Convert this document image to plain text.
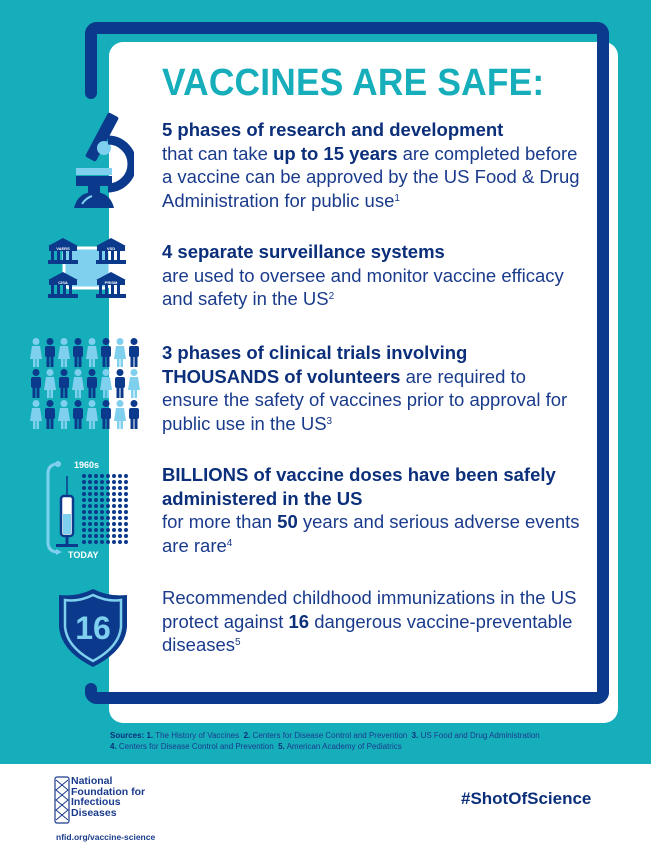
VACCINES ARE SAFE:
5 phases of research and development
that can take up to 15 years are completed before a vaccine can be approved by the US Food & Drug Administration for public use$^1$
VAERS	VSD
CISA	PRISM
4 separate surveillance systems
are used to oversee and monitor vaccine efficacy and safety in the $US^2$
3 phases of clinical trials involving THOUSANDS of volunteers are required to ensure the safety of vaccines prior to approval for public use in the $US^3$
1960s
TODAY
BILLIONS of vaccine doses have been safely administered in the US
for more than 50 years and serious adverse events are rare$^4$
16
Recommended childhood immunizations in the US protect against 16 dangerous vaccine-preventable diseases$^5$
Sources: 1. The History of Vaccines 2. Centers for Disease Control and Prevention 3. US Food and Drug Administration
4. Centers for Disease Control and Prevention 5. American Academy of Pediatrics
National
Foundation for
Infectious
Diseases
nfid.org/vaccine-science
#ShotOfScience
